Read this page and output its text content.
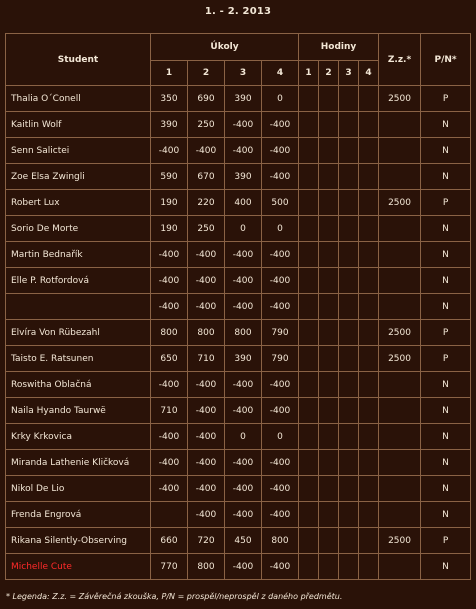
1. - 2. 2013
Student	Úkoly				Hodiny				Z.z.*	P/N*
	1	2	3	4	1	2	3	4		
Thalia O´Conell	350	690	390	0					2500	P
Kaitlin Wolf	390	250	-400	-400						N
Senn Salictei	-400	-400	-400	-400						N
Zoe Elsa Zwingli	590	670	390	-400						N
Robert Lux	190	220	400	500					2500	P
Sorio De Morte	190	250	0	0						N
Martin Bednařík	-400	-400	-400	-400						N
Elle P. Rotfordová	-400	-400	-400	-400						N
	-400	-400	-400	-400						N
Elvíra Von Rübezahl	800	800	800	790					2500	P
Taisto E. Ratsunen	650	710	390	790					2500	P
Roswitha Oblačná	-400	-400	-400	-400						N
Naila Hyando Taurwë	710	-400	-400	-400						N
Krky Krkovica	-400	-400	0	0						N
Miranda Lathenie Kličková	-400	-400	-400	-400						N
Nikol De Lio	-400	-400	-400	-400						N
Frenda Engrová		-400	-400	-400						N
Rikana Silently-Observing	660	720	450	800					2500	P
Michelle Cute	770	800	-400	-400						N
* Legenda: Z.z. = Závěrečná zkouška, P/N = prospěl/neprospěl z daného předmětu.
